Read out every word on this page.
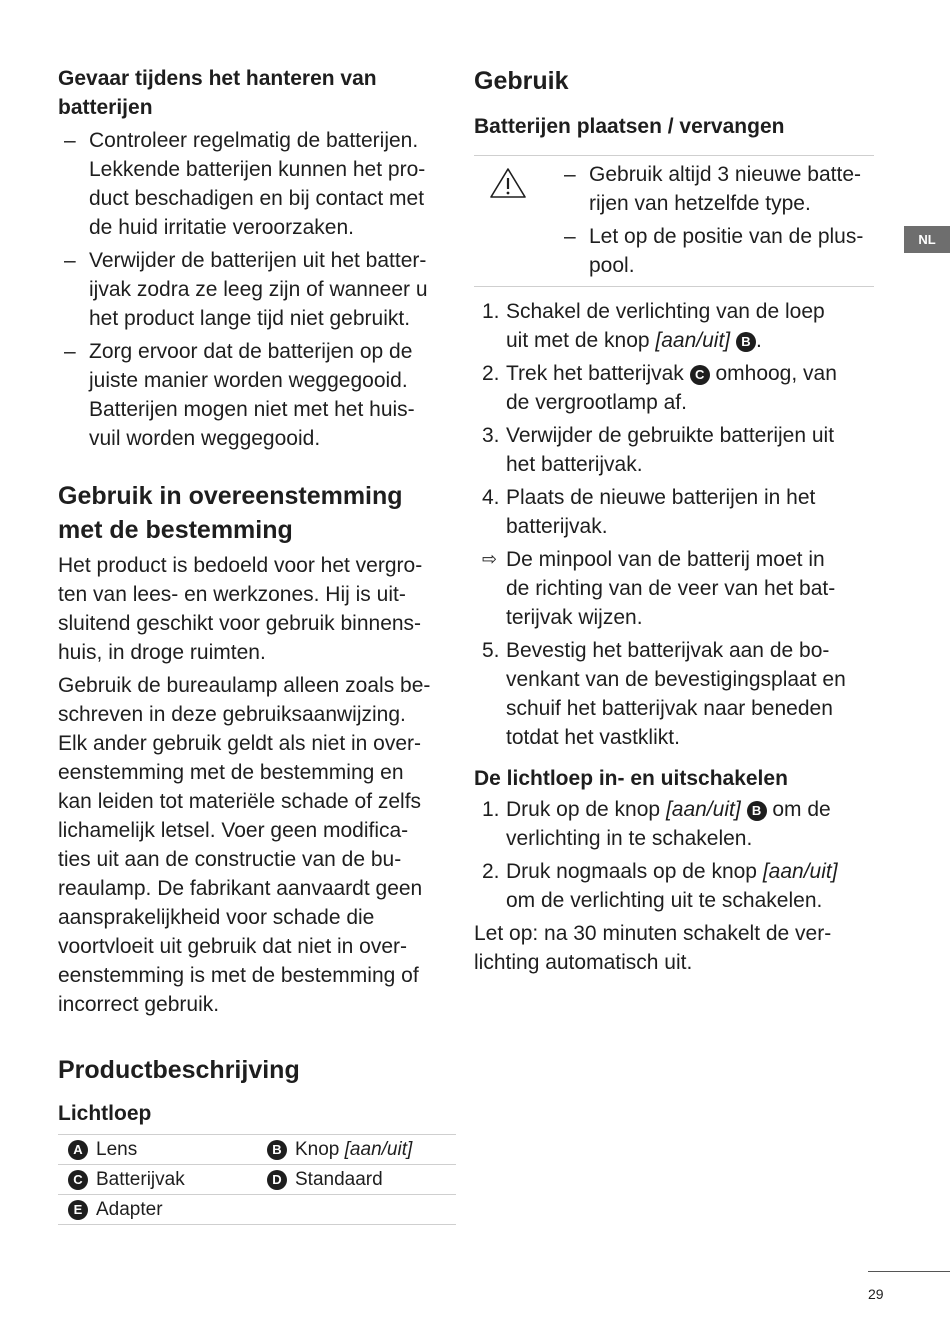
Gevaar tijdens het hanteren van
batterijen
– Controleer regelmatig de batterijen.
Lekkende batterijen kunnen het pro-
duct beschadigen en bij contact met
de huid irritatie veroorzaken.
– Verwijder de batterijen uit het batter-
ijvak zodra ze leeg zijn of wanneer u
het product lange tijd niet gebruikt.
– Zorg ervoor dat de batterijen op de
juiste manier worden weggegooid.
Batterijen mogen niet met het huis-
vuil worden weggegooid.
Gebruik in overeenstemming
met de bestemming

Het product is bedoeld voor het vergro-
ten van lees- en werkzones. Hij is uit-
sluitend geschikt voor gebruik binnens-
huis, in droge ruimten.

Gebruik de bureaulamp alleen zoals be-
schreven in deze gebruiksaanwijzing.
Elk ander gebruik geldt als niet in over-
eenstemming met de bestemming en
kan leiden tot materiële schade of zelfs
lichamelijk letsel. Voer geen modifica-
ties uit aan de constructie van de bu-
reaulamp. De fabrikant aanvaardt geen
aansprakelijkheid voor schade die
voortvloeit uit gebruik dat niet in over-
eenstemming is met de bestemming of
incorrect gebruik.

Productbeschrijving
Lichtloep
A Lens	B Knop [aan/uit]
C Batterijvak	D Standaard
E Adapter	
Gebruik
Batterijen plaatsen / vervangen
– Gebruik altijd 3 nieuwe batte-
rijen van hetzelfde type.
– Let op de positie van de plus-
pool.
1. Schakel de verlichting van de loep
uit met de knop [aan/uit] B .
2. Trek het batterijvak C omhoog, van
de vergrootlamp af.
3. Verwijder de gebruikte batterijen uit
het batterijvak.
4. Plaats de nieuwe batterijen in het
batterijvak.
⇨ De minpool van de batterij moet in
de richting van de veer van het bat-
terijvak wijzen.
5. Bevestig het batterijvak aan de bo-
venkant van de bevestigingsplaat en
schuif het batterijvak naar beneden
totdat het vastklikt.
De lichtloep in- en uitschakelen
1. Druk op de knop [aan/uit] B om de
verlichting in te schakelen.
2. Druk nogmaals op de knop [aan/uit]
om de verlichting uit te schakelen.

Let op: na 30 minuten schakelt de ver-
lichting automatisch uit.

NL
29
